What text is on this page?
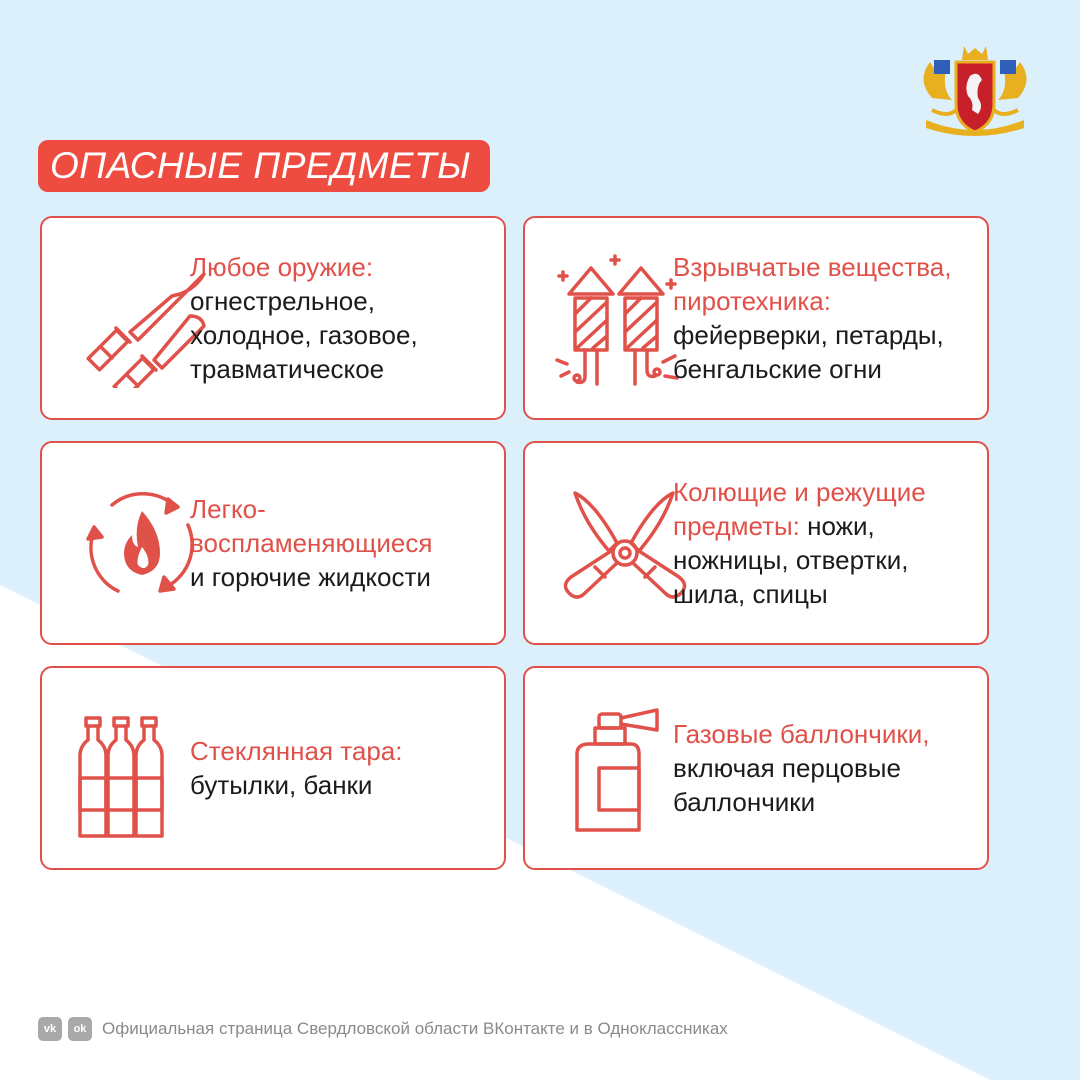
ОПАСНЫЕ ПРЕДМЕТЫ
Любое оружие:
огнестрельное,
холодное, газовое,
травматическое
Взрывчатые вещества,
пиротехника:
фейерверки, петарды,
бенгальские огни
Легко-
воспламеняющиеся
и горючие жидкости
Колющие и режущие
предметы: ножи,
ножницы, отвертки,
шила, спицы
Стеклянная тара:
бутылки, банки
Газовые баллончики,
включая перцовые
баллончики
vk	ok Официальная страница Свердловской области ВКонтакте и в Одноклассниках
